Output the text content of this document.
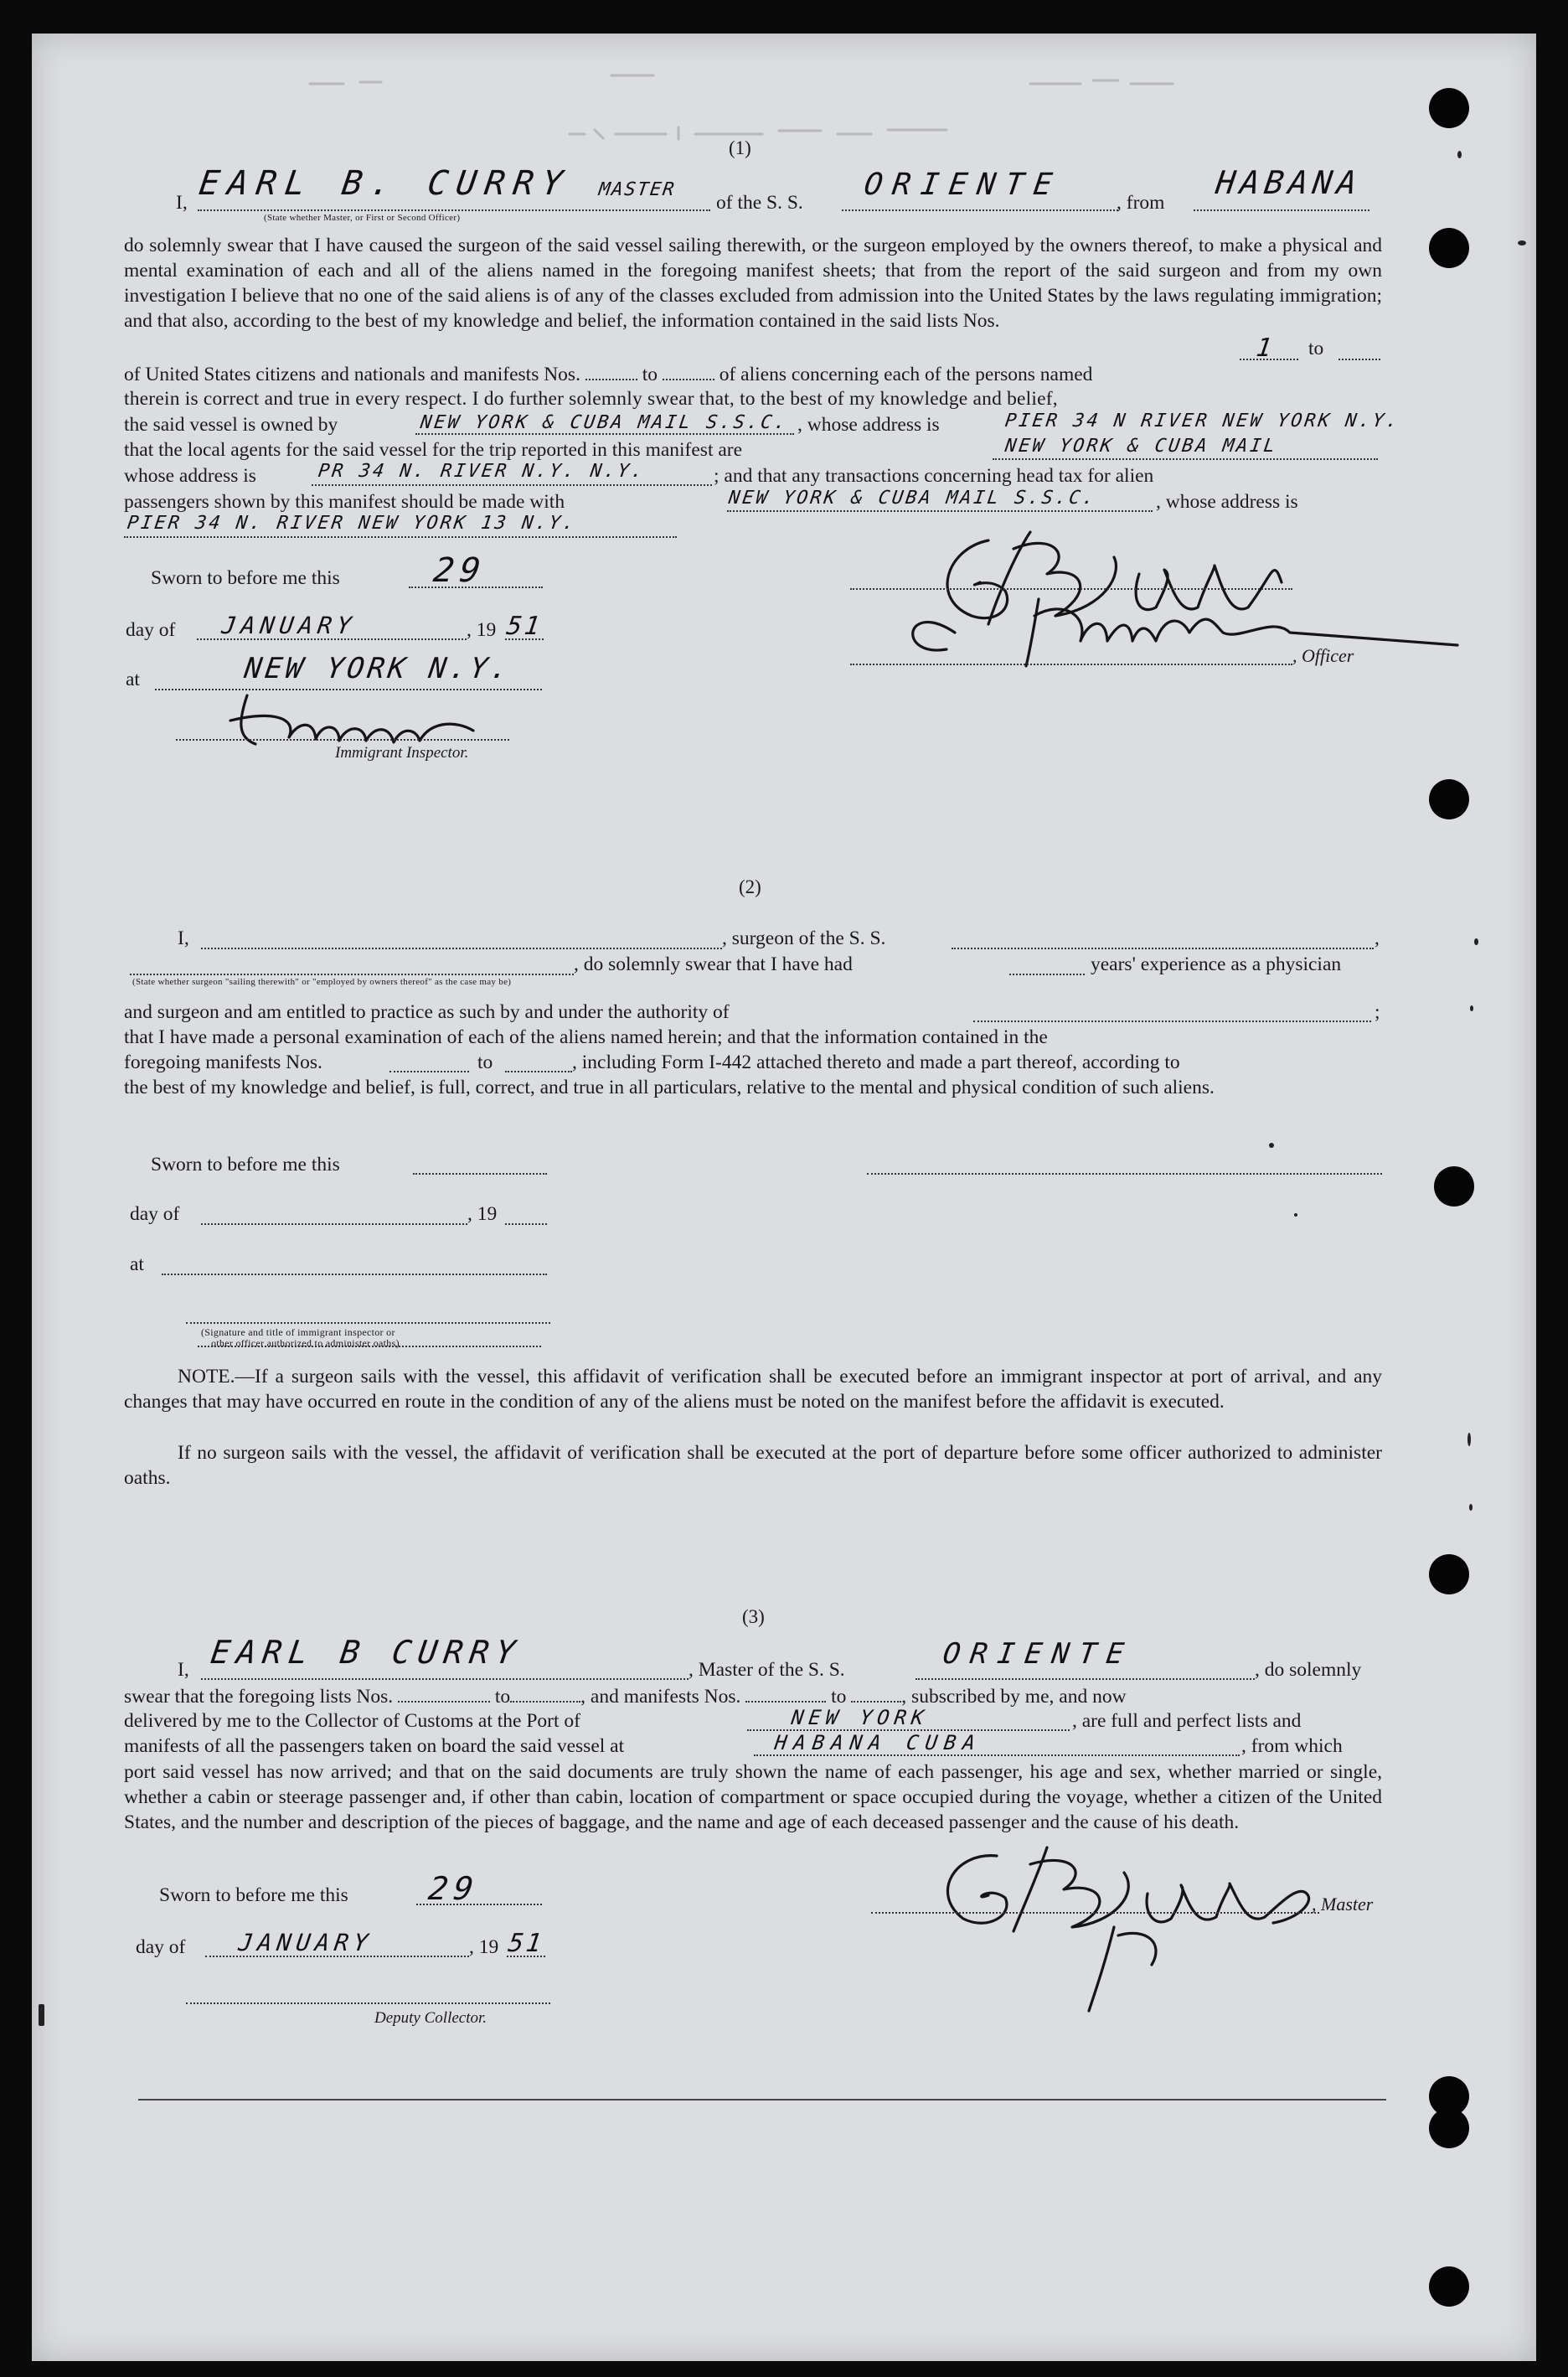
(1)
I, EARL B. CURRY MASTER
(State whether Master, or First or Second Officer)
of the S. S.
ORIENTE
, from
HABANA
do solemnly swear that I have caused the surgeon of the said vessel sailing therewith, or the surgeon employed by the owners thereof, to make a physical and mental examination of each and all of the aliens named in the foregoing manifest sheets; that from the report of the said surgeon and from my own investigation I believe that no one of the said aliens is of any of the classes excluded from admission into the United States by the laws regulating immigration; and that also, according to the best of my knowledge and belief, the information contained in the said lists Nos.
1 to
of United States citizens and nationals and manifests Nos.	to	of aliens concerning each of the persons named
therein is correct and true in every respect. I do further solemnly swear that, to the best of my knowledge and belief,
the said vessel is owned by	NEW YORK & CUBA MAIL S.S.C. , whose address is	PIER 34 N RIVER NEW YORK N.Y.
that the local agents for the said vessel for the trip reported in this manifest are	NEW YORK & CUBA MAIL
whose address is	PR 34 N. RIVER N.Y. N.Y.	; and that any transactions concerning head tax for alien
passengers shown by this manifest should be made with	NEW YORK & CUBA MAIL S.S.C.	, whose address is
PIER 34 N. RIVER NEW YORK 13 N.Y.
Sworn to before me this	29
day of JANUARY	, 19 51
at	NEW YORK N.Y.
Immigrant Inspector.
, Officer
(2)
I,	, surgeon of the S. S.	,
, do solemnly swear that I have had	years' experience as a physician
(State whether surgeon "sailing therewith" or "employed by owners thereof" as the case may be)
and surgeon and am entitled to practice as such by and under the authority of	;
that I have made a personal examination of each of the aliens named herein; and that the information contained in the
foregoing manifests Nos.	to	, including Form I-442 attached thereto and made a part thereof, according to
the best of my knowledge and belief, is full, correct, and true in all particulars, relative to the mental and physical condition of such aliens.
Sworn to before me this
day of	, 19
at
(Signature and title of immigrant inspector or
other officer authorized to administer oaths)
NOTE.—If a surgeon sails with the vessel, this affidavit of verification shall be executed before an immigrant inspector at port of arrival, and any changes that may have occurred en route in the condition of any of the aliens must be noted on the manifest before the affidavit is executed.
If no surgeon sails with the vessel, the affidavit of verification shall be executed at the port of departure before some officer authorized to administer oaths.
(3)
I, EARL B CURRY	, Master of the S. S.	ORIENTE	, do solemnly
swear that the foregoing lists Nos.	to	, and manifests Nos.	to	, subscribed by me, and now
delivered by me to the Collector of Customs at the Port of	NEW YORK	, are full and perfect lists and
manifests of all the passengers taken on board the said vessel at	HABANA CUBA	, from which
port said vessel has now arrived; and that on the said documents are truly shown the name of each passenger, his age and sex, whether married or single, whether a cabin or steerage passenger and, if other than cabin, location of compartment or space occupied during the voyage, whether a citizen of the United States, and the number and description of the pieces of baggage, and the name and age of each deceased passenger and the cause of his death.
Sworn to before me this 29
day of JANUARY	, 19 51
, Master
Deputy Collector.
